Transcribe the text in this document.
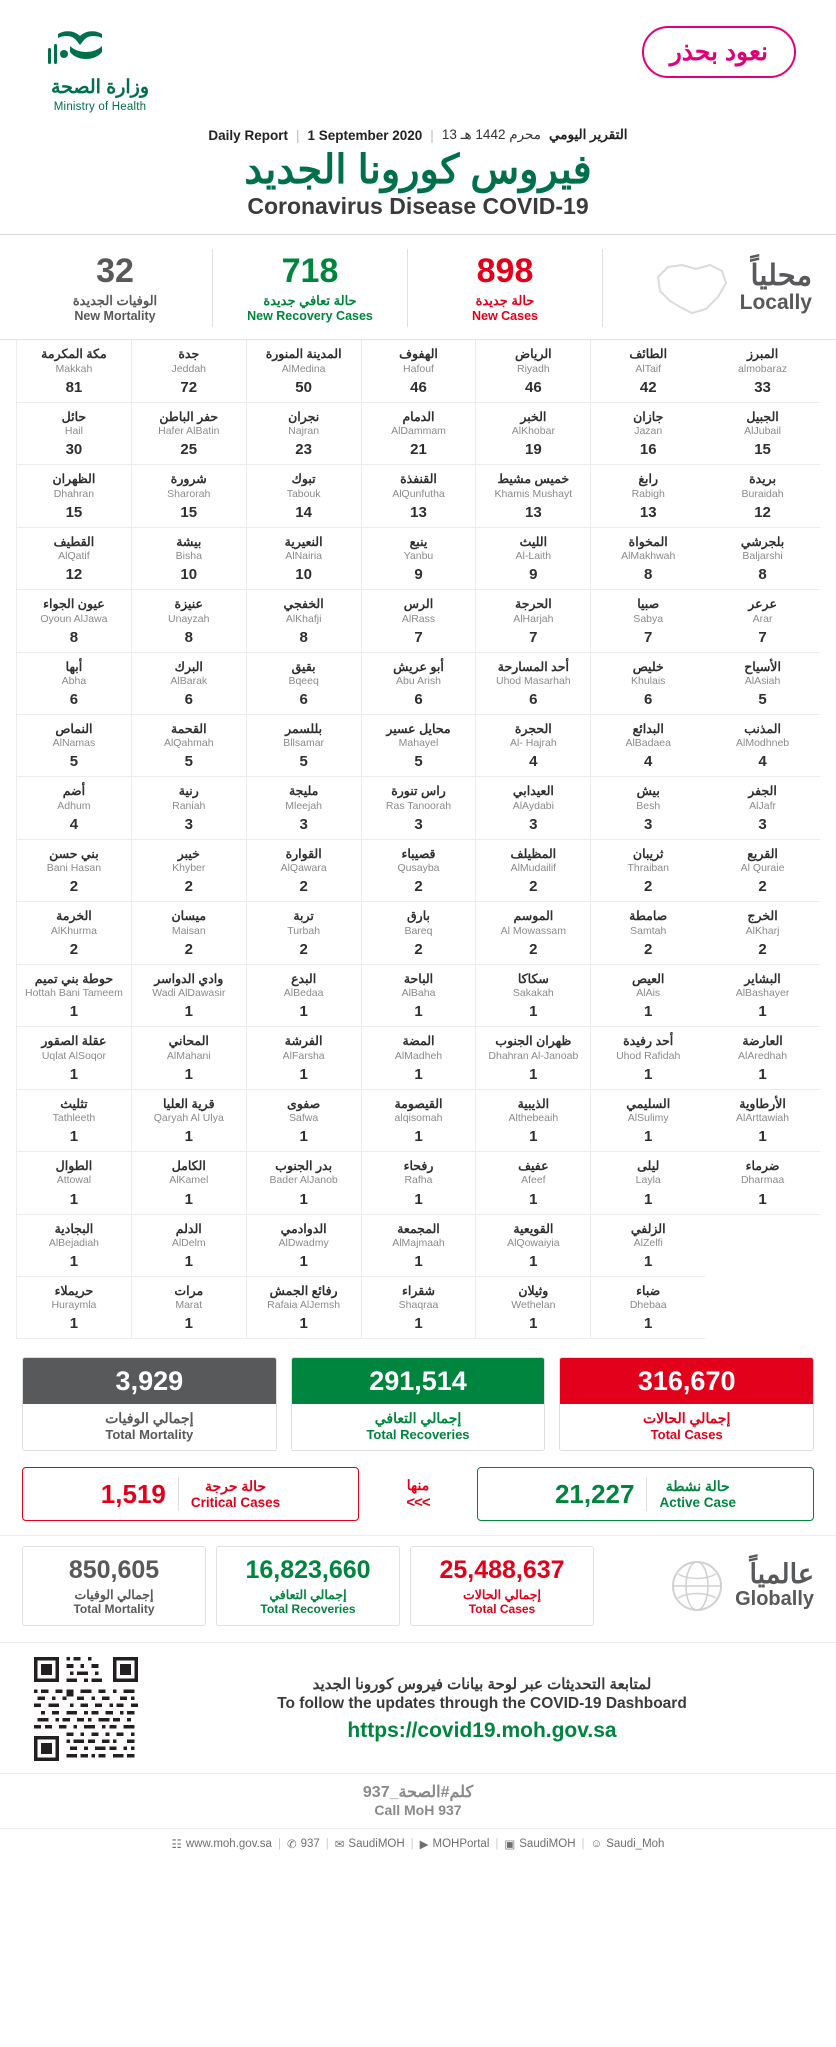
وزارة الصحة
Ministry of Health
نعود بحذر
Daily Report | 1 September 2020 | 13 محرم 1442 هـ التقرير اليومي
فيروس كورونا الجديد
Coronavirus Disease COVID-19
32
الوفيات الجديدة
New Mortality
718
حالة تعافي جديدة
New Recovery Cases
898
حالة جديدة
New Cases
محلياً
Locally
مكة المكرمة
Makkah
81
جدة
Jeddah
72
المدينة المنورة
AlMedina
50
الهفوف
Hafouf
46
الرياض
Riyadh
46
الطائف
AlTaif
42
المبرز
almobaraz
33
حائل
Hail
30
حفر الباطن
Hafer AlBatin
25
نجران
Najran
23
الدمام
AlDammam
21
الخبر
AlKhobar
19
جازان
Jazan
16
الجبيل
AlJubail
15
الظهران
Dhahran
15
شرورة
Sharorah
15
تبوك
Tabouk
14
القنفذة
AlQunfutha
13
خميس مشيط
Khamis Mushayt
13
رابغ
Rabigh
13
بريدة
Buraidah
12
القطيف
AlQatif
12
بيشة
Bisha
10
النعيرية
AlNairia
10
ينبع
Yanbu
9
الليث
Al-Laith
9
المخواة
AlMakhwah
8
بلجرشي
Baljarshi
8
عيون الجواء
Oyoun AlJawa
8
عنيزة
Unayzah
8
الخفجي
AlKhafji
8
الرس
AlRass
7
الحرجة
AlHarjah
7
صبيا
Sabya
7
عرعر
Arar
7
أبها
Abha
6
البرك
AlBarak
6
بقيق
Bqeeq
6
أبو عريش
Abu Arish
6
أحد المسارحة
Uhod Masarhah
6
خليص
Khulais
6
الأسياح
AlAsiah
5
النماص
AlNamas
5
القحمة
AlQahmah
5
بللسمر
Bllsamar
5
محايل عسير
Mahayel
5
الحجرة
Al- Hajrah
4
البدائع
AlBadaea
4
المذنب
AlModhneb
4
أضم
Adhum
4
رنية
Raniah
3
مليجة
Mleejah
3
راس تنورة
Ras Tanoorah
3
العيدابي
AlAydabi
3
بيش
Besh
3
الجفر
AlJafr
3
بني حسن
Bani Hasan
2
خيبر
Khyber
2
القوارة
AlQawara
2
قصيباء
Qusayba
2
المظيلف
AlMudailif
2
ثريبان
Thraiban
2
القريع
Al Quraie
2
الخرمة
AlKhurma
2
ميسان
Maisan
2
تربة
Turbah
2
بارق
Bareq
2
الموسم
Al Mowassam
2
صامطة
Samtah
2
الخرج
AlKharj
2
حوطة بني تميم
Hottah Bani Tameem
1
وادي الدواسر
Wadi AlDawasir
1
البدع
AlBedaa
1
الباحة
AlBaha
1
سكاكا
Sakakah
1
العيص
AlAis
1
البشاير
AlBashayer
1
عقلة الصقور
Uqlat AlSoqor
1
المحاني
AlMahani
1
الفرشة
AlFarsha
1
المضة
AlMadheh
1
ظهران الجنوب
Dhahran Al-Janoab
1
أحد رفيدة
Uhod Rafidah
1
العارضة
AlAredhah
1
تثليث
Tathleeth
1
قرية العليا
Qaryah Al Ulya
1
صفوى
Safwa
1
القيصومة
alqisomah
1
الذيبية
Althebeaih
1
السليمي
AlSulimy
1
الأرطاوية
AlArttawiah
1
الطوال
Attowal
1
الكامل
AlKamel
1
بدر الجنوب
Bader AlJanob
1
رفحاء
Rafha
1
عفيف
Afeef
1
ليلى
Layla
1
ضرماء
Dharmaa
1
البجادية
AlBejadiah
1
الدلم
AlDelm
1
الدوادمي
AlDwadmy
1
المجمعة
AlMajmaah
1
القويعية
AlQowaiyia
1
الزلفي
AlZelfi
1
حريملاء
Huraymla
1
مرات
Marat
1
رفائع الجمش
Rafaia AlJemsh
1
شقراء
Shaqraa
1
وثيلان
Wethelan
1
ضباء
Dhebaa
1
3,929
إجمالي الوفيات
Total Mortality
291,514
إجمالي التعافي
Total Recoveries
316,670
إجمالي الحالات
Total Cases
1,519	حالة حرجة
Critical Cases
منها
<<<	21,227	حالة نشطة
Active Case
850,605
إجمالي الوفيات
Total Mortality
16,823,660
إجمالي التعافي
Total Recoveries
25,488,637
إجمالي الحالات
Total Cases
عالمياً
Globally
لمتابعة التحديثات عبر لوحة بيانات فيروس كورونا الجديد
To follow the updates through the COVID-19 Dashboard
https://covid19.moh.gov.sa
كلم#الصحة_937
Call MoH 937
☷ www.moh.gov.sa | ✆ 937 | ✉ SaudiMOH | ▶ MOHPortal | ▣ SaudiMOH | ☺ Saudi_Moh
